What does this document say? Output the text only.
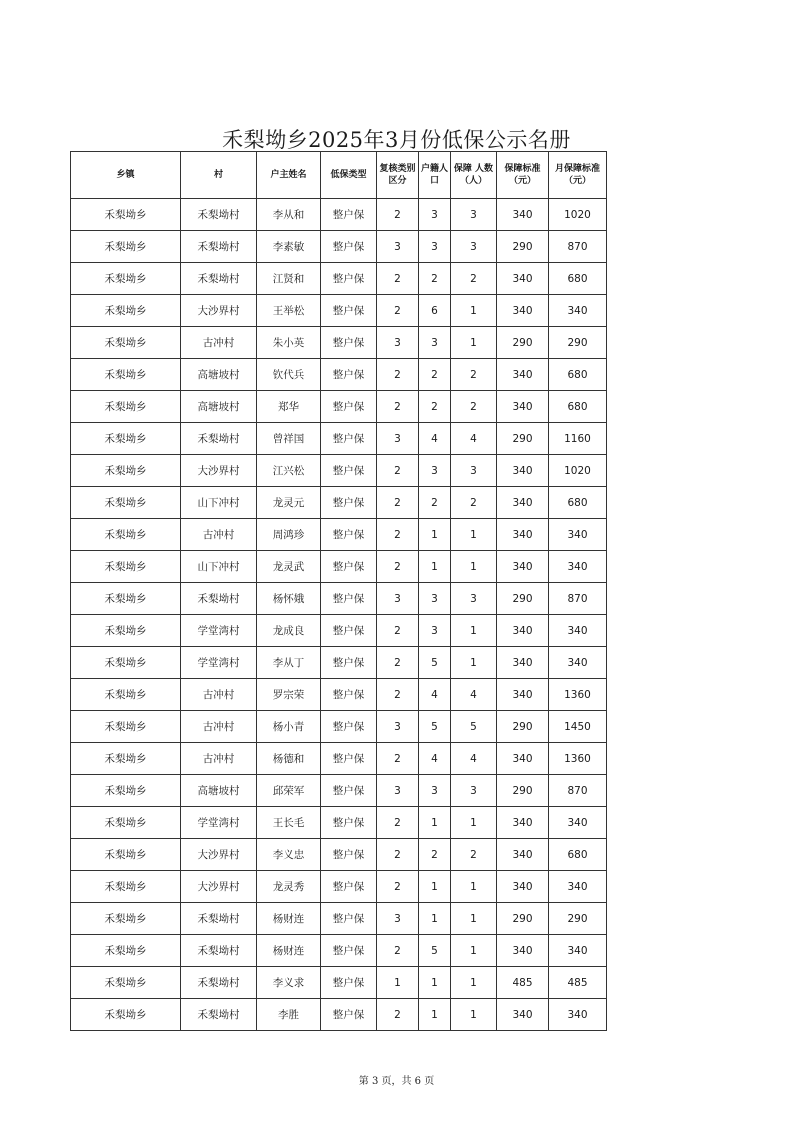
禾梨坳乡2025年3月份低保公示名册
乡镇	村	户主姓名	低保类型	复核类别区分	户籍人口	保障 人数（人）	保障标准（元）	月保障标准（元）
禾梨坳乡	禾梨坳村	李从和	整户保	2	3	3	340	1020
禾梨坳乡	禾梨坳村	李素敏	整户保	3	3	3	290	870
禾梨坳乡	禾梨坳村	江贤和	整户保	2	2	2	340	680
禾梨坳乡	大沙界村	王举松	整户保	2	6	1	340	340
禾梨坳乡	古冲村	朱小英	整户保	3	3	1	290	290
禾梨坳乡	高塘坡村	钦代兵	整户保	2	2	2	340	680
禾梨坳乡	高塘坡村	郑华	整户保	2	2	2	340	680
禾梨坳乡	禾梨坳村	曾祥国	整户保	3	4	4	290	1160
禾梨坳乡	大沙界村	江兴松	整户保	2	3	3	340	1020
禾梨坳乡	山下冲村	龙灵元	整户保	2	2	2	340	680
禾梨坳乡	古冲村	周鸿珍	整户保	2	1	1	340	340
禾梨坳乡	山下冲村	龙灵武	整户保	2	1	1	340	340
禾梨坳乡	禾梨坳村	杨怀娥	整户保	3	3	3	290	870
禾梨坳乡	学堂湾村	龙成良	整户保	2	3	1	340	340
禾梨坳乡	学堂湾村	李从丁	整户保	2	5	1	340	340
禾梨坳乡	古冲村	罗宗荣	整户保	2	4	4	340	1360
禾梨坳乡	古冲村	杨小青	整户保	3	5	5	290	1450
禾梨坳乡	古冲村	杨德和	整户保	2	4	4	340	1360
禾梨坳乡	高塘坡村	邱荣军	整户保	3	3	3	290	870
禾梨坳乡	学堂湾村	王长毛	整户保	2	1	1	340	340
禾梨坳乡	大沙界村	李义忠	整户保	2	2	2	340	680
禾梨坳乡	大沙界村	龙灵秀	整户保	2	1	1	340	340
禾梨坳乡	禾梨坳村	杨财连	整户保	3	1	1	290	290
禾梨坳乡	禾梨坳村	杨财连	整户保	2	5	1	340	340
禾梨坳乡	禾梨坳村	李义求	整户保	1	1	1	485	485
禾梨坳乡	禾梨坳村	李胜	整户保	2	1	1	340	340
第 3 页，共 6 页
